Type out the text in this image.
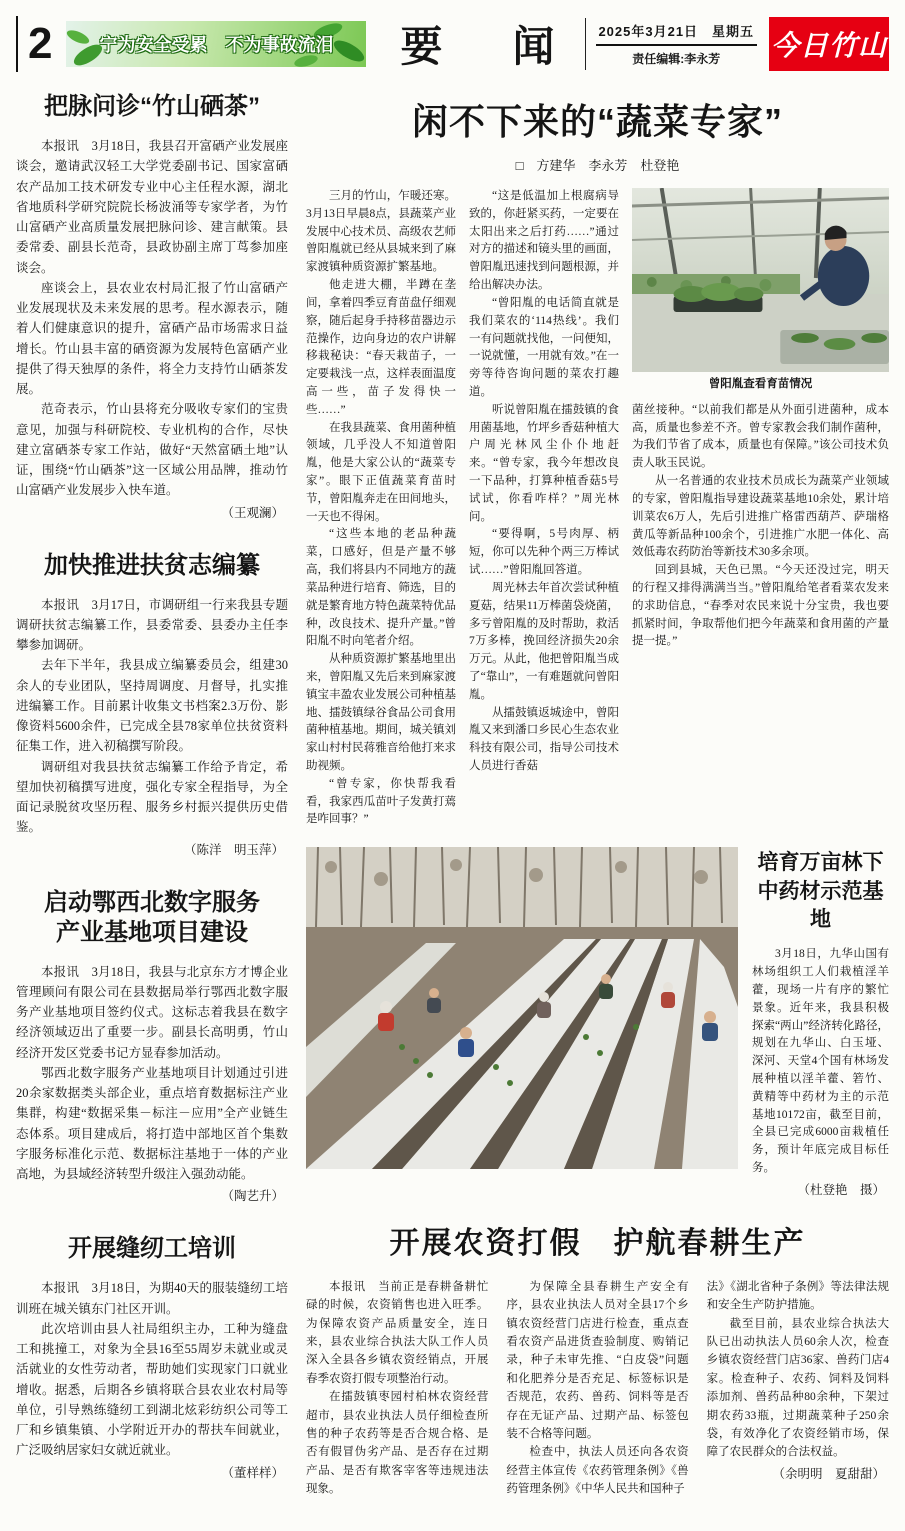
2	宁为安全受累　不为事故流泪 要　闻 2025年3月21日　星期五
责任编辑:李永芳	今日竹山
把脉问诊“竹山硒茶”

本报讯　3月18日，我县召开富硒产业发展座谈会，邀请武汉轻工大学党委副书记、国家富硒农产品加工技术研发专业中心主任程水源，湖北省地质科学研究院院长杨波涌等专家学者，为竹山富硒产业高质量发展把脉问诊、建言献策。县委常委、副县长范奇，县政协副主席丁茑参加座谈会。

座谈会上，县农业农村局汇报了竹山富硒产业发展现状及未来发展的思考。程水源表示，随着人们健康意识的提升，富硒产品市场需求日益增长。竹山县丰富的硒资源为发展特色富硒产业提供了得天独厚的条件，将全力支持竹山硒茶发展。

范奇表示，竹山县将充分吸收专家们的宝贵意见，加强与科研院校、专业机构的合作，尽快建立富硒茶专家工作站，做好“天然富硒土地”认证，围绕“竹山硒茶”这一区域公用品牌，推动竹山富硒产业发展步入快车道。

（王观澜）
加快推进扶贫志编纂

本报讯　3月17日，市调研组一行来我县专题调研扶贫志编纂工作，县委常委、县委办主任李攀参加调研。

去年下半年，我县成立编纂委员会，组建30余人的专业团队，坚持周调度、月督导，扎实推进编纂工作。目前累计收集文书档案2.3万份、影像资料5600余件，已完成全县78家单位扶贫资料征集工作，进入初稿撰写阶段。

调研组对我县扶贫志编纂工作给予肯定，希望加快初稿撰写进度，强化专家全程指导，为全面记录脱贫攻坚历程、服务乡村振兴提供历史借鉴。

（陈洋　明玉萍）
启动鄂西北数字服务
产业基地项目建设

本报讯　3月18日，我县与北京东方才博企业管理顾问有限公司在县数据局举行鄂西北数字服务产业基地项目签约仪式。这标志着我县在数字经济领域迈出了重要一步。副县长高明勇，竹山经济开发区党委书记方显春参加活动。

鄂西北数字服务产业基地项目计划通过引进20余家数据类头部企业，重点培育数据标注产业集群，构建“数据采集－标注－应用”全产业链生态体系。项目建成后，将打造中部地区首个集数字服务标准化示范、数据标注基地于一体的产业高地，为县域经济转型升级注入强劲动能。

（陶艺升）
开展缝纫工培训

本报讯　3月18日，为期40天的服装缝纫工培训班在城关镇东门社区开训。

此次培训由县人社局组织主办，工种为缝盘工和挑撞工，对象为全县16至55周岁未就业或灵活就业的女性劳动者，帮助她们实现家门口就业增收。据悉，后期各乡镇将联合县农业农村局等单位，引导熟练缝纫工到湖北炫彩纺织公司等工厂和乡镇集镇、小学附近开办的帮扶车间就业，广泛吸纳居家妇女就近就业。

（董样样）
闲不下来的“蔬菜专家”
□　方建华　李永芳　杜登艳

三月的竹山，乍暖还寒。3月13日早晨8点，县蔬菜产业发展中心技术员、高级农艺师曾阳胤就已经从县城来到了麻家渡镇种质资源扩繁基地。

他走进大棚，半蹲在垄间，拿着四季豆育苗盘仔细观察，随后起身手持移苗器边示范操作，边向身边的农户讲解移栽秘诀：“春天栽苗子，一定要栽浅一点，这样表面温度高一些，苗子发得快一些……”

在我县蔬菜、食用菌种植领域，几乎没人不知道曾阳胤，他是大家公认的“蔬菜专家”。眼下正值蔬菜育苗时节，曾阳胤奔走在田间地头，一天也不得闲。

“这些本地的老品种蔬菜，口感好，但是产量不够高，我们将县内不同地方的蔬菜品种进行培育、筛选，目的就是繁育地方特色蔬菜特优品种，改良技术、提升产量。”曾阳胤不时向笔者介绍。

从种质资源扩繁基地里出来，曾阳胤又先后来到麻家渡镇宝丰盈农业发展公司种植基地、擂鼓镇绿谷食品公司食用菌种植基地。期间，城关镇刘家山村村民蒋雅音给他打来求助视频。

“曾专家，你快帮我看看，我家西瓜苗叶子发黄打蔫是咋回事？”

“这是低温加上根腐病导致的，你赶紧买药，一定要在太阳出来之后打药……”通过对方的描述和镜头里的画面，曾阳胤迅速找到问题根源，并给出解决办法。

“曾阳胤的电话简直就是我们菜农的‘114热线’。我们一有问题就找他，一问便知，一说就懂，一用就有效。”在一旁等待咨询问题的菜农打趣道。

听说曾阳胤在擂鼓镇的食用菌基地，竹坪乡香菇种植大户周光林风尘仆仆地赶来。“曾专家，我今年想改良一下品种，打算种植香菇5号试试，你看咋样？”周光林问。

“要得啊，5号肉厚、柄短，你可以先种个两三万棒试试……”曾阳胤回答道。

周光林去年首次尝试种植夏菇，结果11万棒菌袋烧菌，多亏曾阳胤的及时帮助，救活7万多棒，挽回经济损失20余万元。从此，他把曾阳胤当成了“靠山”，一有难题就问曾阳胤。

从擂鼓镇返城途中，曾阳胤又来到潘口乡民心生态农业科技有限公司，指导公司技术人员进行香菇

曾阳胤查看育苗情况

菌丝接种。“以前我们都是从外面引进菌种，成本高，质量也参差不齐。曾专家教会我们制作菌种，为我们节省了成本，质量也有保障。”该公司技术负责人耿玉民说。

从一名普通的农业技术员成长为蔬菜产业领域的专家，曾阳胤指导建设蔬菜基地10余处，累计培训菜农6万人，先后引进推广格雷西葫芦、萨瑞格黄瓜等新品种100余个，引进推广水肥一体化、高效低毒农药防治等新技术30多余项。

回到县城，天色已黑。“今天还没过完，明天的行程又排得满满当当。”曾阳胤给笔者看菜农发来的求助信息，“春季对农民来说十分宝贵，我也要抓紧时间，争取帮他们把今年蔬菜和食用菌的产量提一提。”

培育万亩林下
中药材示范基地

3月18日，九华山国有林场组织工人们栽植淫羊藿，现场一片有序的繁忙景象。近年来，我县积极探索“两山”经济转化路径，规划在九华山、白玉垭、深河、天堂4个国有林场发展种植以淫羊藿、箬竹、黄精等中药材为主的示范基地10172亩，截至目前，全县已完成6000亩栽植任务，预计年底完成目标任务。

（杜登艳　摄）
开展农资打假　护航春耕生产

本报讯　当前正是春耕备耕忙碌的时候，农资销售也进入旺季。为保障农资产品质量安全，连日来，县农业综合执法大队工作人员深入全县各乡镇农资经销点，开展春季农资打假专项整治行动。

在擂鼓镇枣园村柏林农资经营超市，县农业执法人员仔细检查所售的种子农药等是否合规合格、是否有假冒伪劣产品、是否存在过期产品、是否有欺客宰客等违规违法现象。

为保障全县春耕生产安全有序，县农业执法人员对全县17个乡镇农资经营门店进行检查，重点查看农资产品进货查验制度、购销记录，种子未审先推、“白皮袋”问题和化肥养分是否充足、标签标识是否规范，农药、兽药、饲料等是否存在无证产品、过期产品、标签包装不合格等问题。

检查中，执法人员还向各农资经营主体宣传《农药管理条例》《兽药管理条例》《中华人民共和国种子

法》《湖北省种子条例》等法律法规和安全生产防护措施。

截至目前，县农业综合执法大队已出动执法人员60余人次，检查乡镇农资经营门店36家、兽药门店4家。检查种子、农药、饲料及饲料添加剂、兽药品种80余种，下架过期农药33瓶，过期蔬菜种子250余袋，有效净化了农资经销市场，保障了农民群众的合法权益。

（余明明　夏甜甜）
